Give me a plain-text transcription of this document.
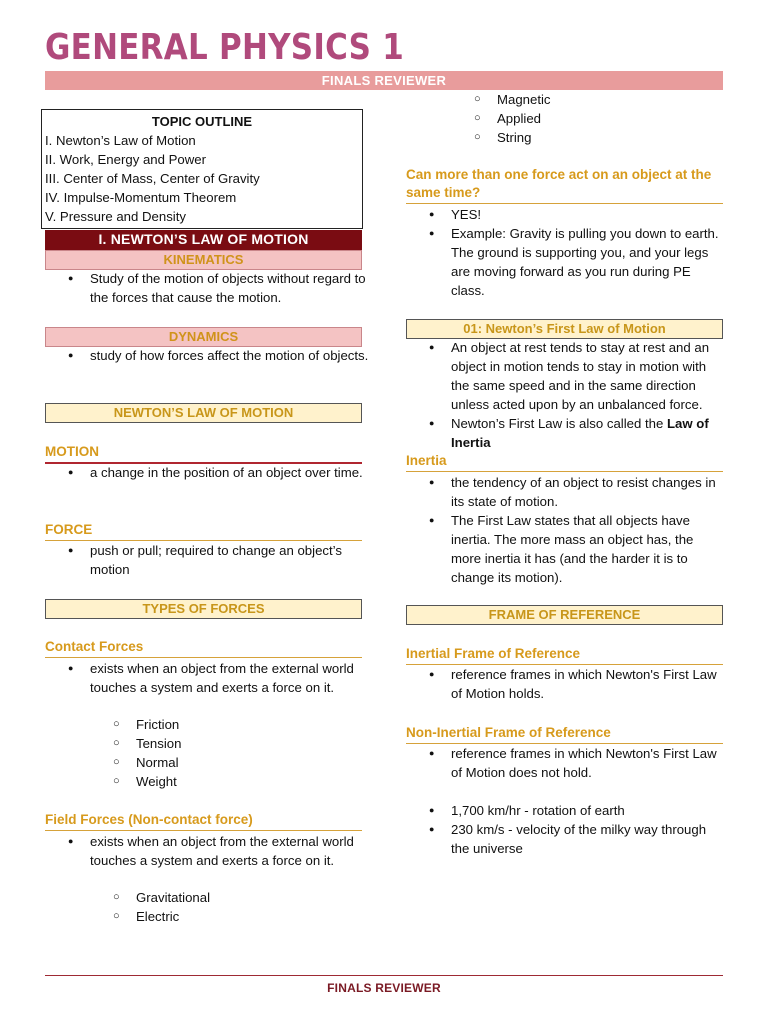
GENERAL PHYSICS 1
FINALS REVIEWER
TOPIC OUTLINE
I. Newton’s Law of Motion
II. Work, Energy and Power
III. Center of Mass, Center of Gravity
IV. Impulse-Momentum Theorem
V. Pressure and Density
I. NEWTON’S LAW OF MOTION
KINEMATICS
● Study of the motion of objects without regard to the forces that cause the motion.
DYNAMICS
● study of how forces affect the motion of objects.
NEWTON’S LAW OF MOTION
MOTION
● a change in the position of an object over time.
FORCE
● push or pull; required to change an object’s motion
TYPES OF FORCES
Contact Forces
● exists when an object from the external world touches a system and exerts a force on it.
○ Friction
○ Tension
○ Normal
○ Weight
Field Forces (Non-contact force)
● exists when an object from the external world touches a system and exerts a force on it.
○ Gravitational
○ Electric
○ Magnetic
○ Applied
○ String
Can more than one force act on an object at the same time?
● YES!
● Example: Gravity is pulling you down to earth. The ground is supporting you, and your legs are moving forward as you run during PE class.
01: Newton’s First Law of Motion
● An object at rest tends to stay at rest and an object in motion tends to stay in motion with the same speed and in the same direction unless acted upon by an unbalanced force.
● Newton’s First Law is also called the Law of Inertia
Inertia
● the tendency of an object to resist changes in its state of motion.
● The First Law states that all objects have inertia. The more mass an object has, the more inertia it has (and the harder it is to change its motion).
FRAME OF REFERENCE
Inertial Frame of Reference
● reference frames in which Newton's First Law of Motion holds.
Non-Inertial Frame of Reference
● reference frames in which Newton's First Law of Motion does not hold.
● 1,700 km/hr - rotation of earth
● 230 km/s - velocity of the milky way through the universe
FINALS REVIEWER
